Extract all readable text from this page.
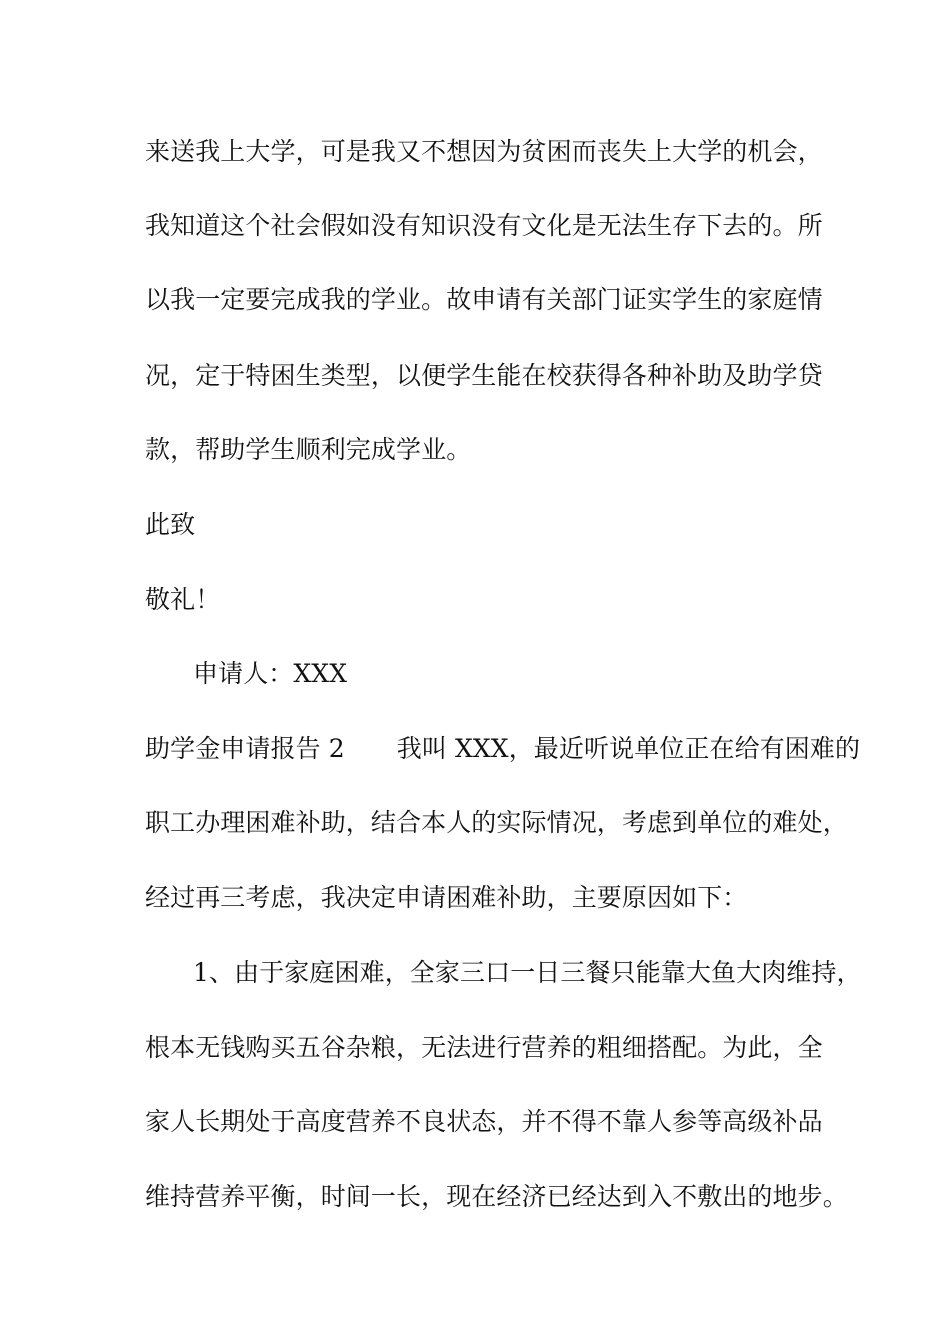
来送我上大学，可是我又不想因为贫困而丧失上大学的机会，
我知道这个社会假如没有知识没有文化是无法生存下去的。所
以我一定要完成我的学业。故申请有关部门证实学生的家庭情
况，定于特困生类型，以便学生能在校获得各种补助及助学贷
款，帮助学生顺利完成学业。
此致
敬礼！
申请人：XXX
助学金申请报告 2 我叫 XXX，最近听说单位正在给有困难的
职工办理困难补助，结合本人的实际情况，考虑到单位的难处，
经过再三考虑，我决定申请困难补助，主要原因如下：
1、由于家庭困难，全家三口一日三餐只能靠大鱼大肉维持，
根本无钱购买五谷杂粮，无法进行营养的粗细搭配。为此，全
家人长期处于高度营养不良状态，并不得不靠人参等高级补品
维持营养平衡，时间一长，现在经济已经达到入不敷出的地步。
